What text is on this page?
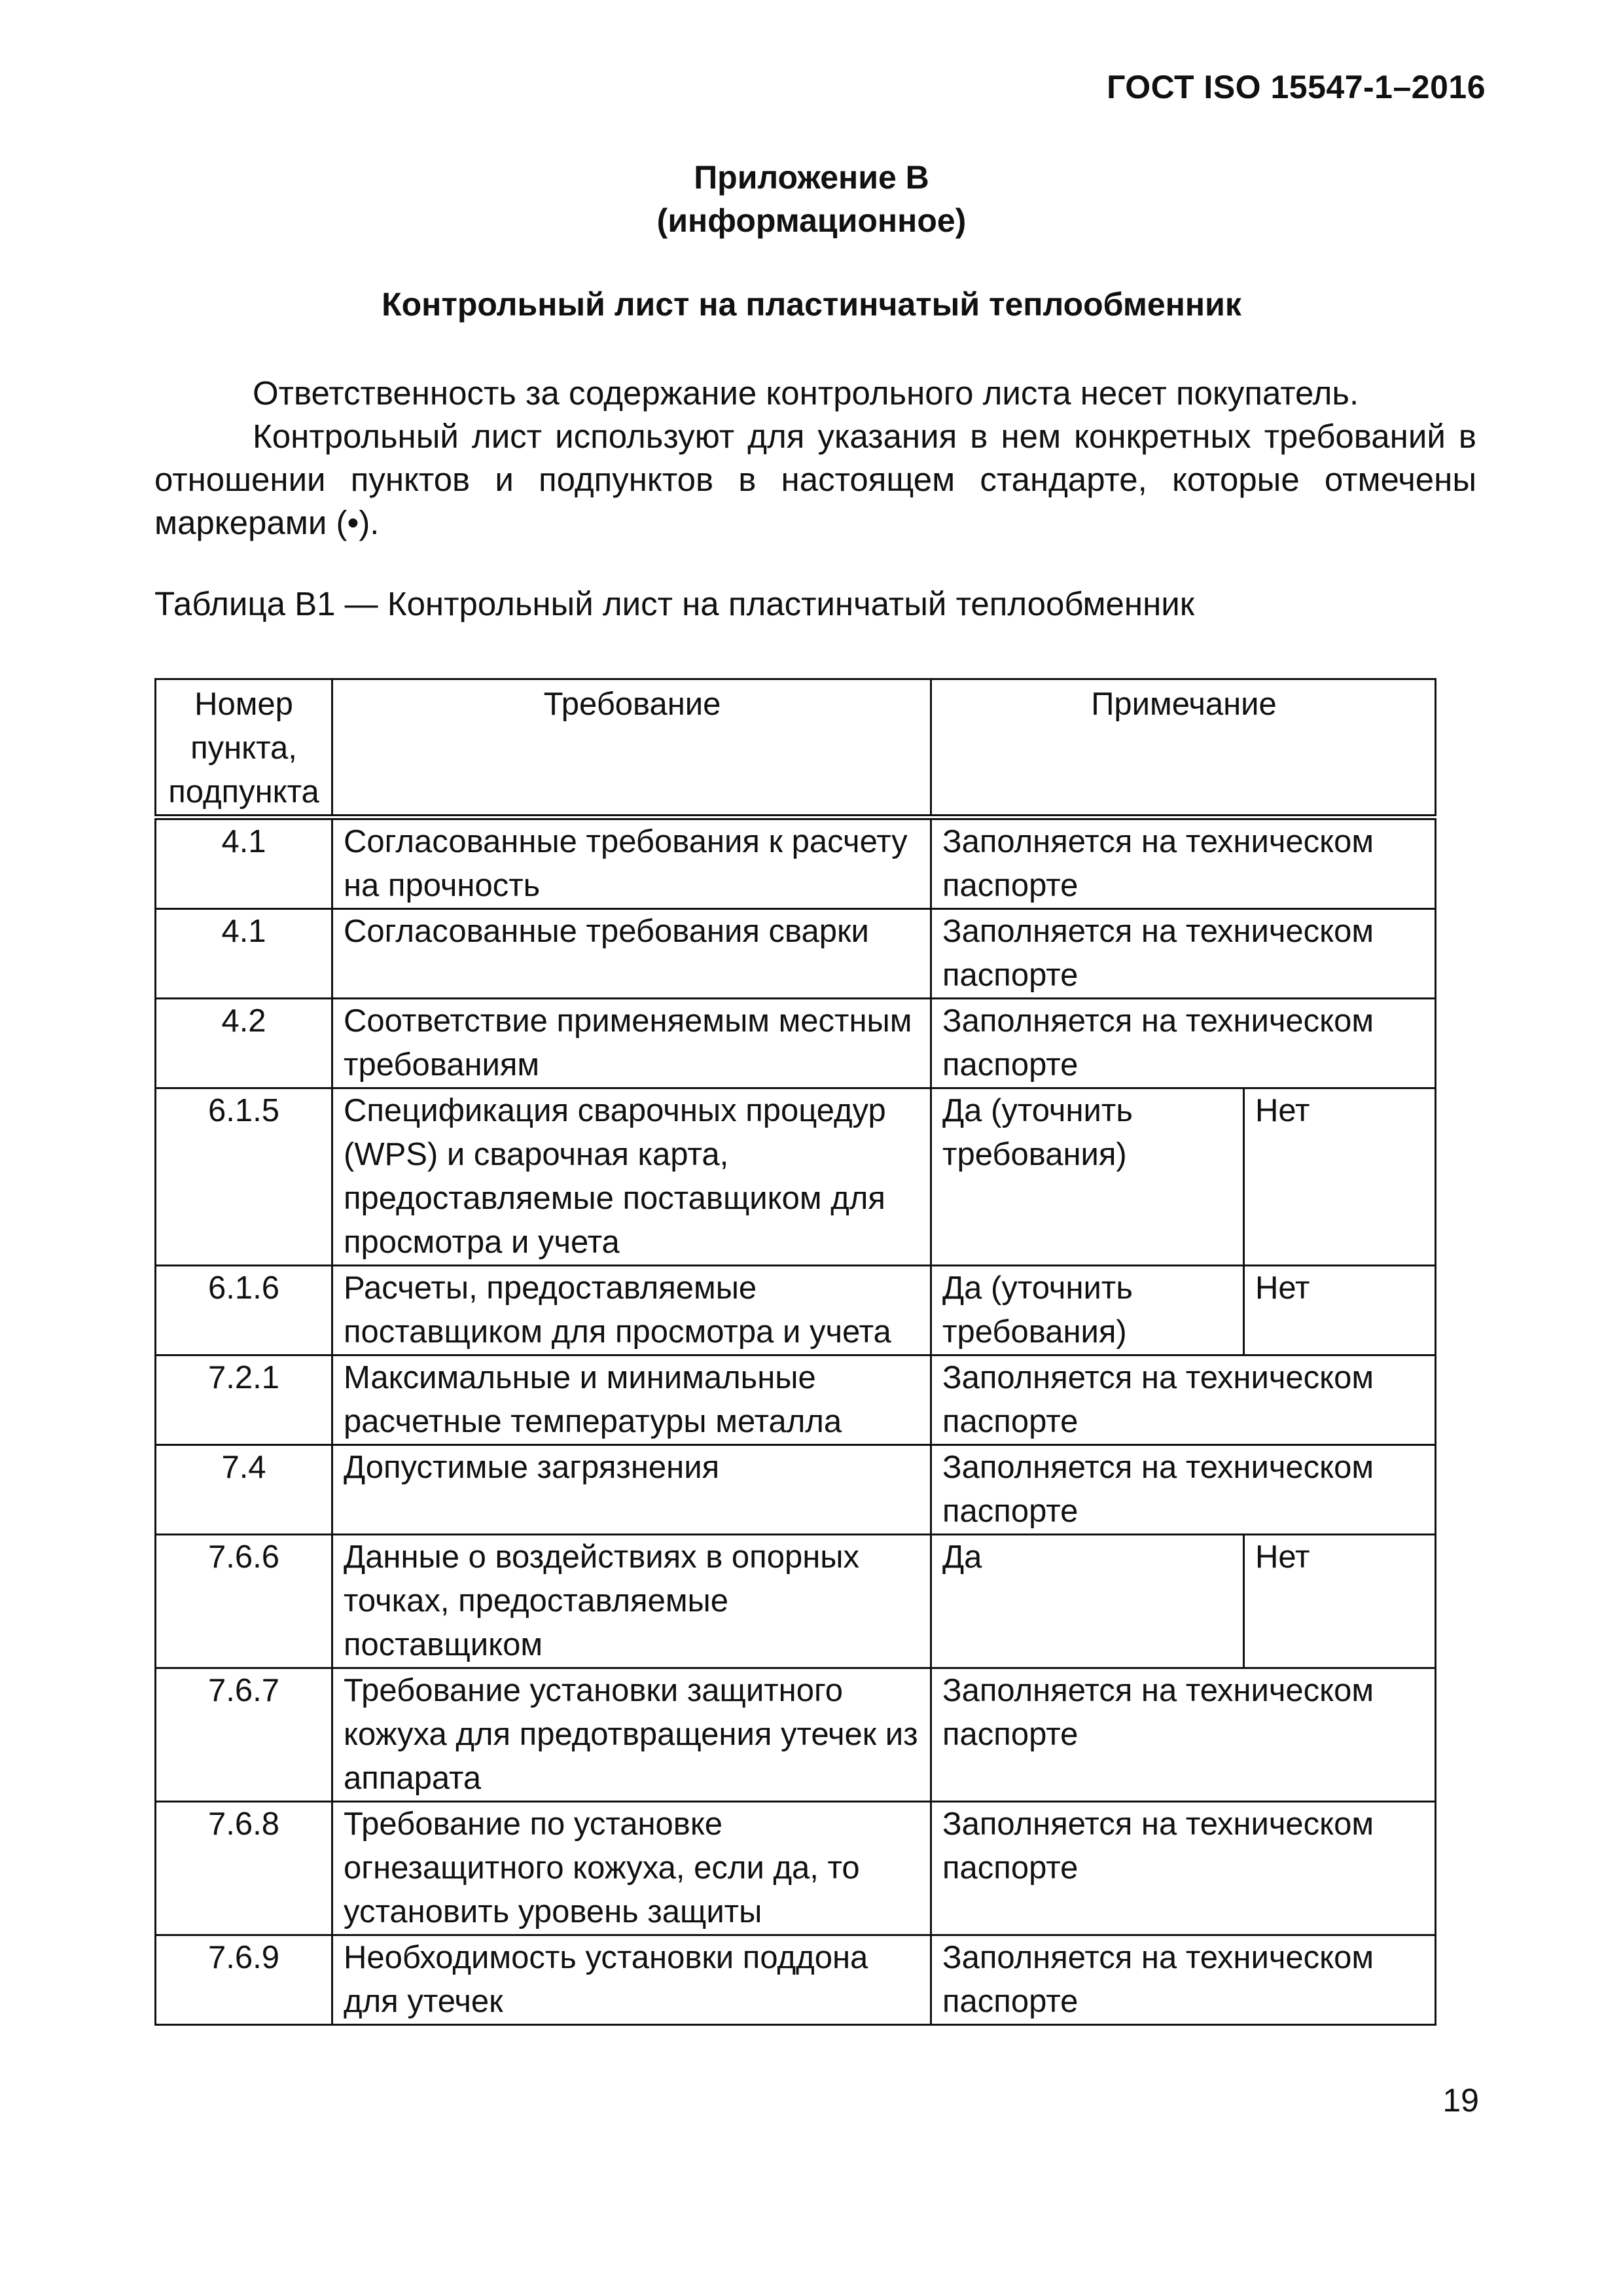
ГОСТ ISO 15547-1–2016
Приложение В
(информационное)
Контрольный лист на пластинчатый теплообменник

Ответственность за содержание контрольного листа несет покупатель.

Контрольный лист используют для указания в нем конкретных требований в отношении пунктов и подпунктов в настоящем стандарте, которые отмечены маркерами (•).

Таблица В1 — Контрольный лист на пластинчатый теплообменник
Номер пункта, подпункта	Требование	Примечание	
4.1	Согласованные требования к расчету на прочность	Заполняется на техническом паспорте	
4.1	Согласованные требования сварки	Заполняется на техническом паспорте	
4.2	Соответствие применяемым местным требованиям	Заполняется на техническом паспорте	
6.1.5	Спецификация сварочных процедур (WPS) и сварочная карта, предоставляемые поставщиком для просмотра и учета	Да (уточнить требования)	Нет
6.1.6	Расчеты, предоставляемые поставщиком для просмотра и учета	Да (уточнить требования)	Нет
7.2.1	Максимальные и минимальные расчетные температуры металла	Заполняется на техническом паспорте	
7.4	Допустимые загрязнения	Заполняется на техническом паспорте	
7.6.6	Данные о воздействиях в опорных точках, предоставляемые поставщиком	Да	Нет
7.6.7	Требование установки защитного кожуха для предотвращения утечек из аппарата	Заполняется на техническом паспорте	
7.6.8	Требование по установке огнезащитного кожуха, если да, то установить уровень защиты	Заполняется на техническом паспорте	
7.6.9	Необходимость установки поддона для утечек	Заполняется на техническом паспорте	
19
